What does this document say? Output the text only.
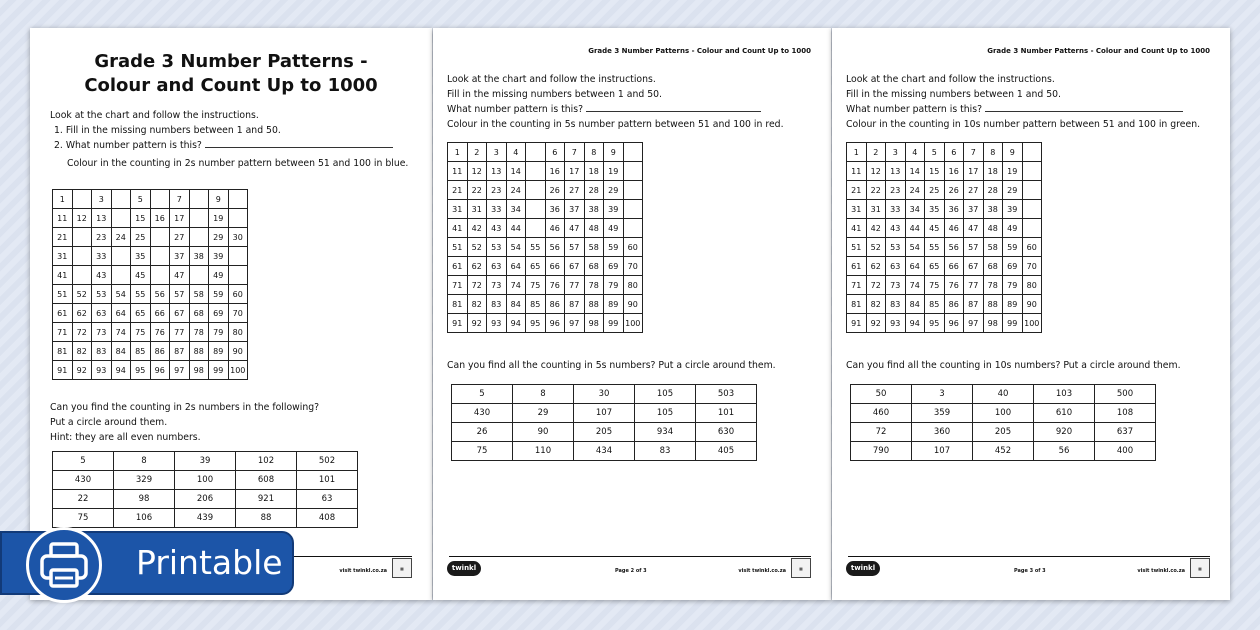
Grade 3 Number Patterns -
Colour and Count Up to 1000
Look at the chart and follow the instructions.
1. Fill in the missing numbers between 1 and 50.
2. What number pattern is this?
Colour in the counting in 2s number pattern between 51 and 100 in blue.
1		3		5		7		9	
11	12	13		15	16	17		19	
21		23	24	25		27		29	30
31		33		35		37	38	39	
41		43		45		47		49	
51	52	53	54	55	56	57	58	59	60
61	62	63	64	65	66	67	68	69	70
71	72	73	74	75	76	77	78	79	80
81	82	83	84	85	86	87	88	89	90
91	92	93	94	95	96	97	98	99	100
Can you find the counting in 2s numbers in the following?
Put a circle around them.
Hint: they are all even numbers.
5	8	39	102	502
430	329	100	608	101
22	98	206	921	63
75	106	439	88	408
visit twinkl.co.za	▦
Grade 3 Number Patterns - Colour and Count Up to 1000
Look at the chart and follow the instructions.
Fill in the missing numbers between 1 and 50.
What number pattern is this?
Colour in the counting in 5s number pattern between 51 and 100 in red.
1	2	3	4		6	7	8	9	
11	12	13	14		16	17	18	19	
21	22	23	24		26	27	28	29	
31	31	33	34		36	37	38	39	
41	42	43	44		46	47	48	49	
51	52	53	54	55	56	57	58	59	60
61	62	63	64	65	66	67	68	69	70
71	72	73	74	75	76	77	78	79	80
81	82	83	84	85	86	87	88	89	90
91	92	93	94	95	96	97	98	99	100
Can you find all the counting in 5s numbers? Put a circle around them.
5	8	30	105	503
430	29	107	105	101
26	90	205	934	630
75	110	434	83	405
twinkl	Page 2 of 3	visit twinkl.co.za	▦
Grade 3 Number Patterns - Colour and Count Up to 1000
Look at the chart and follow the instructions.
Fill in the missing numbers between 1 and 50.
What number pattern is this?
Colour in the counting in 10s number pattern between 51 and 100 in green.
1	2	3	4	5	6	7	8	9	
11	12	13	14	15	16	17	18	19	
21	22	23	24	25	26	27	28	29	
31	31	33	34	35	36	37	38	39	
41	42	43	44	45	46	47	48	49	
51	52	53	54	55	56	57	58	59	60
61	62	63	64	65	66	67	68	69	70
71	72	73	74	75	76	77	78	79	80
81	82	83	84	85	86	87	88	89	90
91	92	93	94	95	96	97	98	99	100
Can you find all the counting in 10s numbers? Put a circle around them.
50	3	40	103	500
460	359	100	610	108
72	360	205	920	637
790	107	452	56	400
twinkl	Page 3 of 3	visit twinkl.co.za	▦
Printable
